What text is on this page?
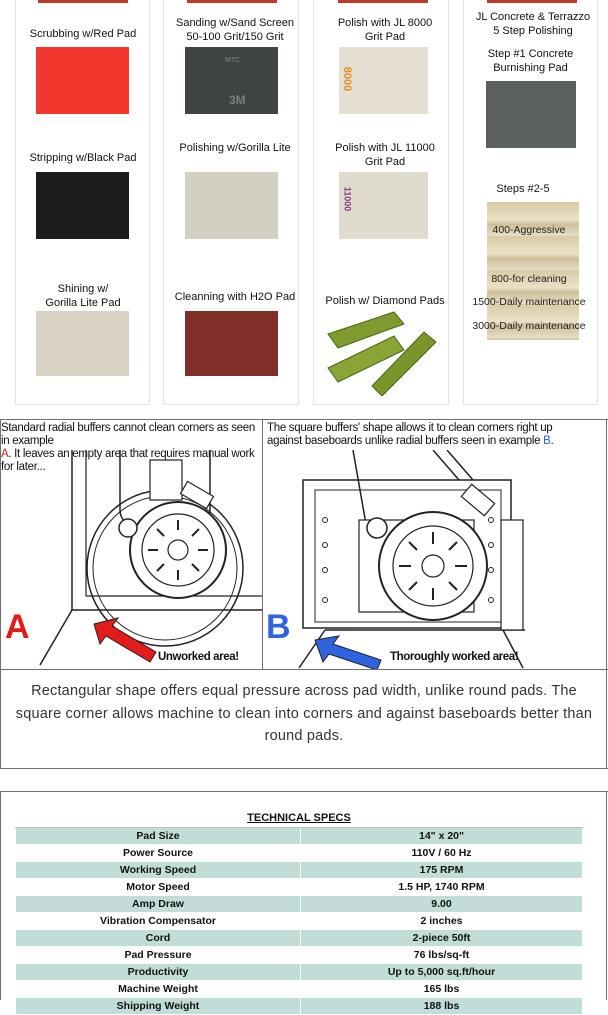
Scrubbing w/Red Pad
Stripping w/Black Pad
Shining w/
Gorilla Lite Pad
Sanding w/Sand Screen
50-100 Grit/150 Grit
3M
MTC
Polishing w/Gorilla Lite
Cleanning with H2O Pad
Polish with JL 8000
Grit Pad
8000
Polish with JL 11000
Grit Pad
11000
Polish w/ Diamond Pads
JL Concrete & Terrazzo
5 Step Polishing
Step #1 Concrete
Burnishing Pad
Steps #2-5
400-Aggressive
800-for cleaning
1500-Daily maintenance
3000-Daily maintenance
Standard radial buffers cannot clean corners as seen in example
A. It leaves an empty area that requires manual work for later...
The square buffers' shape allows it to clean corners right up
against baseboards unlike radial buffers seen in example B.
A
Unworked area!
B
Thoroughly worked area!
Rectangular shape offers equal pressure across pad width, unlike round pads. The square corner allows machine to clean into corners and against baseboards better than round pads.
TECHNICAL SPECS	
Pad Size	14" x 20"
Power Source	110V / 60 Hz
Working Speed	175 RPM
Motor Speed	1.5 HP, 1740 RPM
Amp Draw	9.00
Vibration Compensator	2 inches
Cord	2-piece 50ft
Pad Pressure	76 lbs/sq-ft
Productivity	Up to 5,000 sq.ft/hour
Machine Weight	165 lbs
Shipping Weight	188 lbs
